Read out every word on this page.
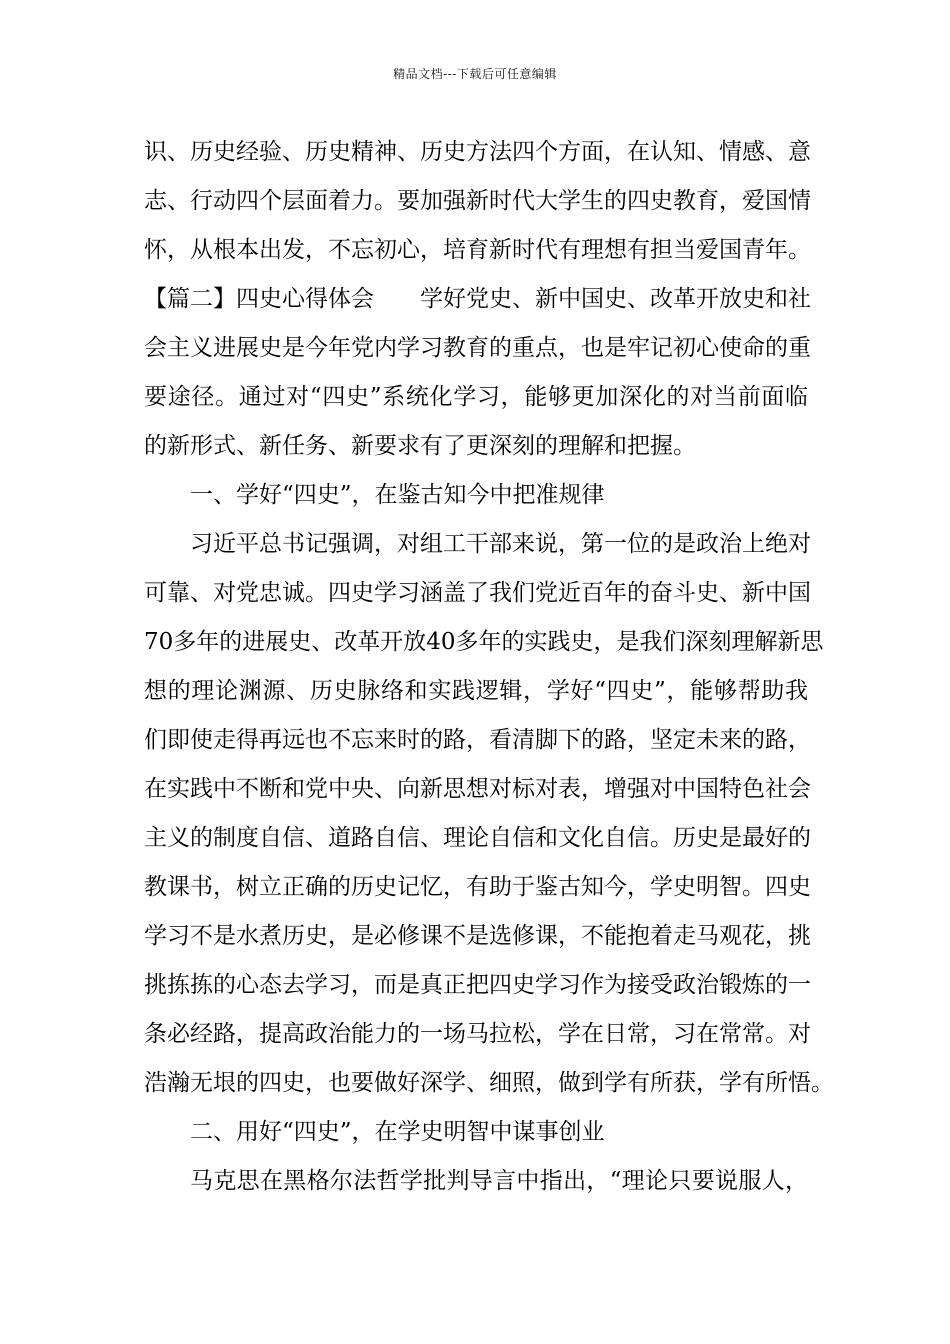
精品文档---下载后可任意编辑
识、历史经验、历史精神、历史方法四个方面，在认知、情感、意
志、行动四个层面着力。要加强新时代大学生的四史教育，爱国情
怀，从根本出发，不忘初心，培育新时代有理想有担当爱国青年。
【篇二】四史心得体会　　学好党史、新中国史、改革开放史和社
会主义进展史是今年党内学习教育的重点，也是牢记初心使命的重
要途径。通过对“四史”系统化学习，能够更加深化的对当前面临
的新形式、新任务、新要求有了更深刻的理解和把握。
一、学好“四史”，在鉴古知今中把准规律
习近平总书记强调，对组工干部来说，第一位的是政治上绝对
可靠、对党忠诚。四史学习涵盖了我们党近百年的奋斗史、新中国
70多年的进展史、改革开放40多年的实践史，是我们深刻理解新思
想的理论渊源、历史脉络和实践逻辑，学好“四史”，能够帮助我
们即使走得再远也不忘来时的路，看清脚下的路，坚定未来的路，
在实践中不断和党中央、向新思想对标对表，增强对中国特色社会
主义的制度自信、道路自信、理论自信和文化自信。历史是最好的
教课书，树立正确的历史记忆，有助于鉴古知今，学史明智。四史
学习不是水煮历史，是必修课不是选修课，不能抱着走马观花，挑
挑拣拣的心态去学习，而是真正把四史学习作为接受政治锻炼的一
条必经路，提高政治能力的一场马拉松，学在日常，习在常常。对
浩瀚无垠的四史，也要做好深学、细照，做到学有所获，学有所悟。
二、用好“四史”，在学史明智中谋事创业
马克思在黑格尔法哲学批判导言中指出，“理论只要说服人，
